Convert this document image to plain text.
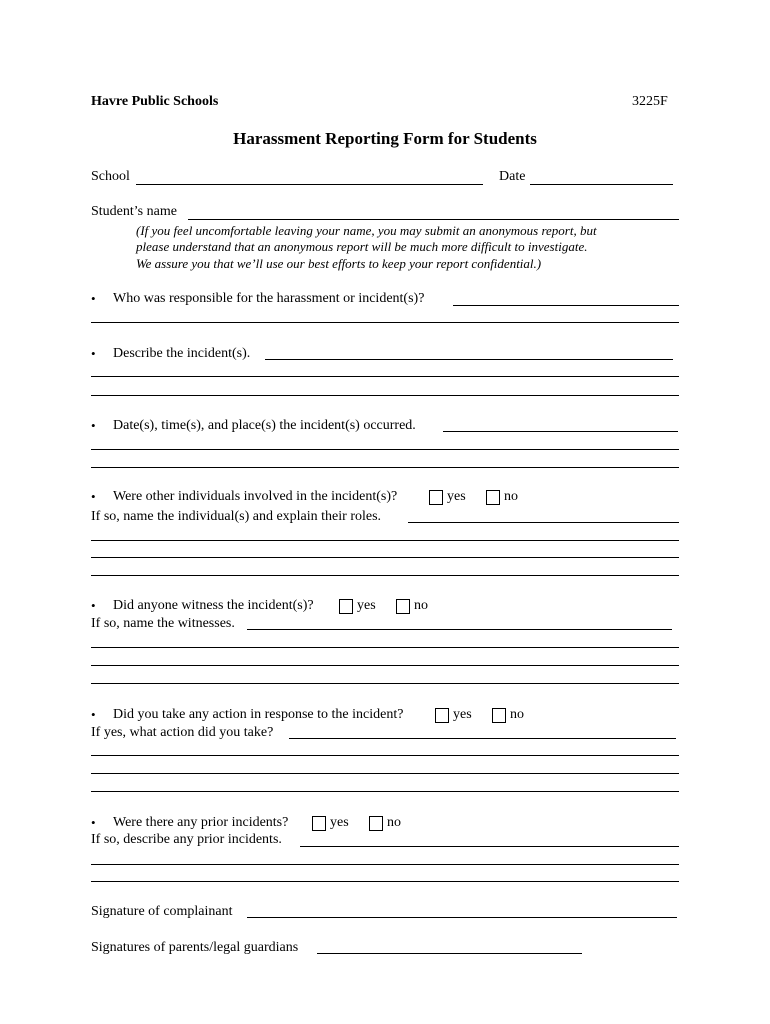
Havre Public Schools	3225F
Harassment Reporting Form for Students
School	Date
Student’s name
(If you feel uncomfortable leaving your name, you may submit an anonymous report, but
please understand that an anonymous report will be much more difficult to investigate.
We assure you that we’ll use our best efforts to keep your report confidential.)
• Who was responsible for the harassment or incident(s)?
• Describe the incident(s).
• Date(s), time(s), and place(s) the incident(s) occurred.
• Were other individuals involved in the incident(s)?	yes	no
If so, name the individual(s) and explain their roles.
• Did anyone witness the incident(s)?	yes	no
If so, name the witnesses.
• Did you take any action in response to the incident?	yes	no
If yes, what action did you take?
• Were there any prior incidents?	yes	no
If so, describe any prior incidents.
Signature of complainant
Signatures of parents/legal guardians
